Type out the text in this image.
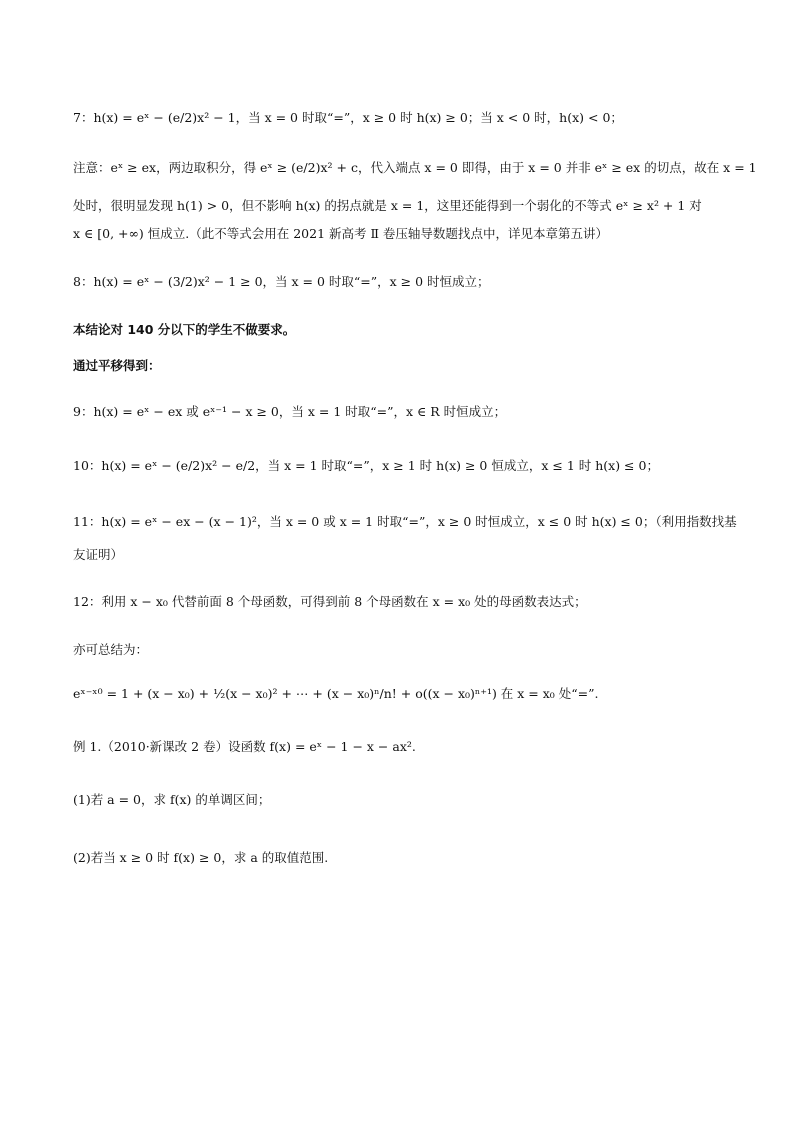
7：h(x) = eˣ − (e/2)x² − 1，当 x = 0 时取“=”，x ≥ 0 时 h(x) ≥ 0；当 x < 0 时，h(x) < 0；
注意：eˣ ≥ ex，两边取积分，得 eˣ ≥ (e/2)x² + c，代入端点 x = 0 即得，由于 x = 0 并非 eˣ ≥ ex 的切点，故在 x = 1
处时，很明显发现 h(1) > 0，但不影响 h(x) 的拐点就是 x = 1，这里还能得到一个弱化的不等式 eˣ ≥ x² + 1 对
x ∈ [0, +∞) 恒成立.（此不等式会用在 2021 新高考 Ⅱ 卷压轴导数题找点中，详见本章第五讲）
8：h(x) = eˣ − (3/2)x² − 1 ≥ 0，当 x = 0 时取“=”，x ≥ 0 时恒成立；
本结论对 140 分以下的学生不做要求。
通过平移得到：
9：h(x) = eˣ − ex 或 eˣ⁻¹ − x ≥ 0，当 x = 1 时取“=”，x ∈ R 时恒成立；
10：h(x) = eˣ − (e/2)x² − e/2，当 x = 1 时取“=”，x ≥ 1 时 h(x) ≥ 0 恒成立，x ≤ 1 时 h(x) ≤ 0；
11：h(x) = eˣ − ex − (x − 1)²，当 x = 0 或 x = 1 时取“=”，x ≥ 0 时恒成立，x ≤ 0 时 h(x) ≤ 0；（利用指数找基
友证明）
12：利用 x − x₀ 代替前面 8 个母函数，可得到前 8 个母函数在 x = x₀ 处的母函数表达式；
亦可总结为：
eˣ⁻ˣ⁰ = 1 + (x − x₀) + ½(x − x₀)² + ⋯ + (x − x₀)ⁿ/n! + o((x − x₀)ⁿ⁺¹) 在 x = x₀ 处“=”.
例 1.（2010·新课改 2 卷）设函数 f(x) = eˣ − 1 − x − ax².
(1)若 a = 0，求 f(x) 的单调区间；
(2)若当 x ≥ 0 时 f(x) ≥ 0，求 a 的取值范围.
